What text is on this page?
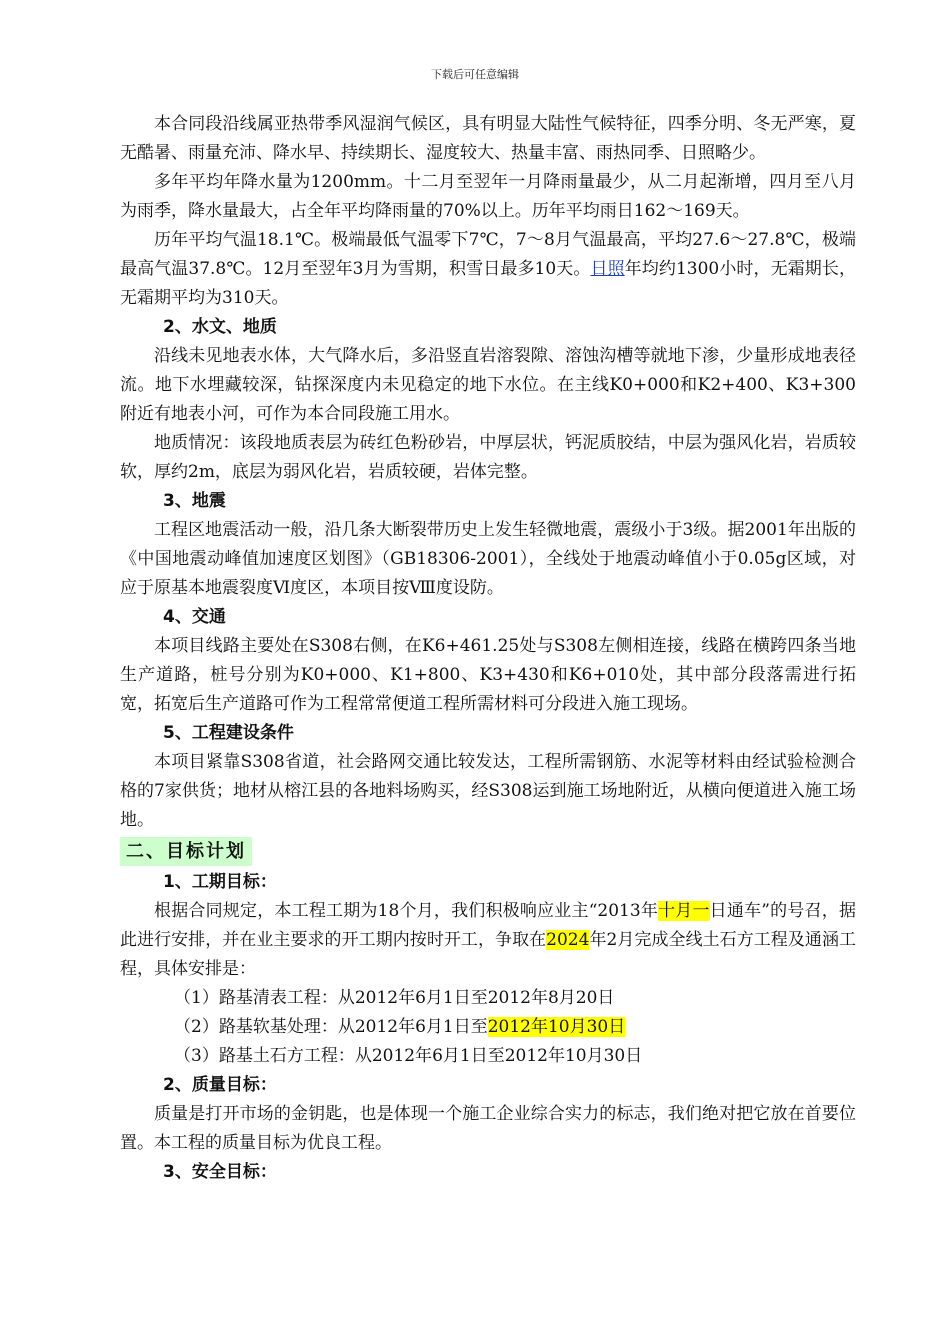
下载后可任意编辑

本合同段沿线属亚热带季风湿润气候区，具有明显大陆性气候特征，四季分明、冬无严寒，夏无酷暑、雨量充沛、降水早、持续期长、湿度较大、热量丰富、雨热同季、日照略少。

多年平均年降水量为1200mm。十二月至翌年一月降雨量最少，从二月起渐增，四月至八月为雨季，降水量最大，占全年平均降雨量的70%以上。历年平均雨日162～169天。

历年平均气温18.1℃。极端最低气温零下7℃，7～8月气温最高，平均27.6～27.8℃，极端最高气温37.8℃。12月至翌年3月为雪期，积雪日最多10天。日照年均约1300小时，无霜期长，无霜期平均为310天。

2、水文、地质

沿线未见地表水体，大气降水后，多沿竖直岩溶裂隙、溶蚀沟槽等就地下渗，少量形成地表径流。地下水埋藏较深，钻探深度内未见稳定的地下水位。在主线K0+000和K2+400、K3+300附近有地表小河，可作为本合同段施工用水。

地质情况：该段地质表层为砖红色粉砂岩，中厚层状，钙泥质胶结，中层为强风化岩，岩质较软，厚约2m，底层为弱风化岩，岩质较硬，岩体完整。

3、地震

工程区地震活动一般，沿几条大断裂带历史上发生轻微地震，震级小于3级。据2001年出版的《中国地震动峰值加速度区划图》（GB18306-2001），全线处于地震动峰值小于0.05g区域，对应于原基本地震裂度Ⅵ度区，本项目按Ⅷ度设防。

4、交通

本项目线路主要处在S308右侧，在K6+461.25处与S308左侧相连接，线路在横跨四条当地生产道路，桩号分别为K0+000、K1+800、K3+430和K6+010处，其中部分段落需进行拓宽，拓宽后生产道路可作为工程常常便道工程所需材料可分段进入施工现场。

5、工程建设条件

本项目紧靠S308省道，社会路网交通比较发达，工程所需钢筋、水泥等材料由经试验检测合格的7家供货；地材从榕江县的各地料场购买，经S308运到施工场地附近，从横向便道进入施工场地。

二、目标计划

1、工期目标：

根据合同规定，本工程工期为18个月，我们积极响应业主“2013年十月一日通车”的号召，据此进行安排，并在业主要求的开工期内按时开工，争取在2024年2月完成全线土石方工程及通涵工程，具体安排是：

（1）路基清表工程：从2012年6月1日至2012年8月20日

（2）路基软基处理：从2012年6月1日至2012年10月30日

（3）路基土石方工程：从2012年6月1日至2012年10月30日

2、质量目标：

质量是打开市场的金钥匙，也是体现一个施工企业综合实力的标志，我们绝对把它放在首要位置。本工程的质量目标为优良工程。

3、安全目标：
